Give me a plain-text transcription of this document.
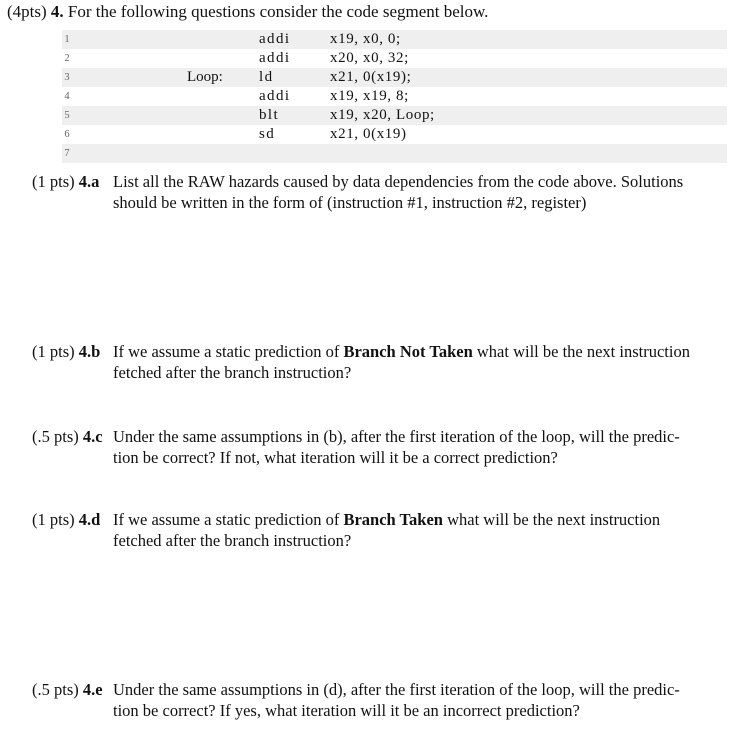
(4pts) 4. For the following questions consider the code segment below.
1	addi	x19, x0, 0;
2	addi	x20, x0, 32;
3	Loop: ld	x21, 0(x19);
4	addi	x19, x19, 8;
5	blt	x19, x20, Loop;
6	sd	x21, 0(x19)
7
(1 pts) 4.a List all the RAW hazards caused by data dependencies from the code above. Solutions
should be written in the form of (instruction #1, instruction #2, register)
(1 pts) 4.b If we assume a static prediction of Branch Not Taken what will be the next instruction
fetched after the branch instruction?
(.5 pts) 4.c Under the same assumptions in (b), after the first iteration of the loop, will the predic-
tion be correct? If not, what iteration will it be a correct prediction?
(1 pts) 4.d If we assume a static prediction of Branch Taken what will be the next instruction
fetched after the branch instruction?
(.5 pts) 4.e Under the same assumptions in (d), after the first iteration of the loop, will the predic-
tion be correct? If yes, what iteration will it be an incorrect prediction?
